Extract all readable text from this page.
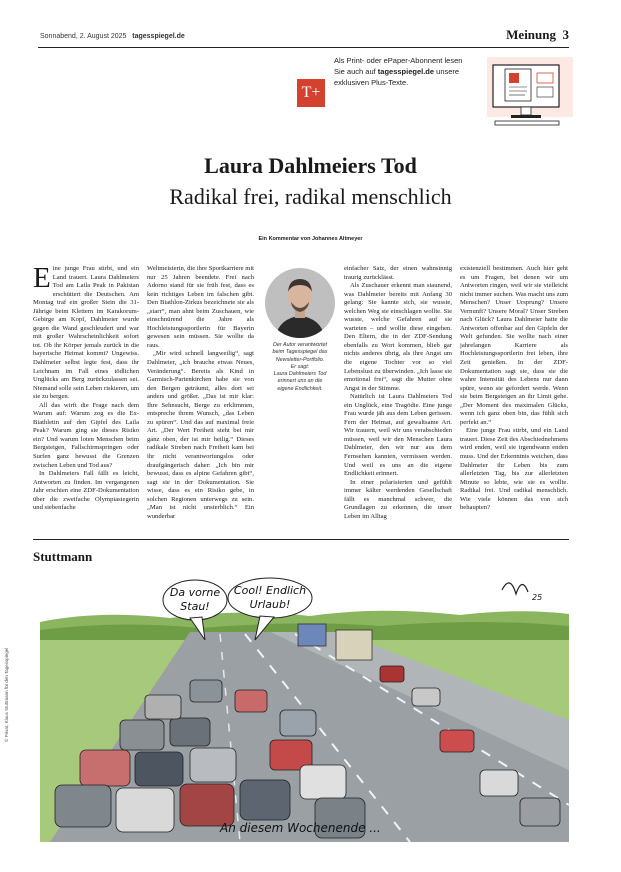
Sonnabend, 2. August 2025 tagesspiegel.de	Meinung 3
T+
Als Print- oder ePaper-Abonnent lesen
Sie auch auf tagesspiegel.de unsere
exklusiven Plus-Texte.
Laura Dahlmeiers Tod
Radikal frei, radikal menschlich
Ein Kommentar von Johannes Altmeyer

Eine junge Frau stirbt, und ein Land trauert. Laura Dahlmeiers Tod am Laila Peak in Pakistan erschüttert die Deutschen. Am Montag traf ein großer Stein die 31-Jährige beim Klettern im Karakorum-Gebirge am Kopf, Dahlmeier wurde gegen die Wand geschleudert und war mit großer Wahrscheinlichkeit sofort tot. Ob ihr Körper jemals zurück in die bayerische Heimat kommt? Ungewiss. Dahlmeier selbst legte fest, dass ihr Leichnam im Fall eines tödlichen Unglücks am Berg zurückzulassen sei. Niemand solle sein Leben riskieren, um sie zu bergen.

All das wirft die Frage nach dem Warum auf: Warum zog es die Ex-Biathletin auf den Gipfel des Laila Peak? Warum ging sie dieses Risiko ein? Und warum loten Menschen beim Bergsteigen, Fallschirmspringen oder Surfen ganz bewusst die Grenzen zwischen Leben und Tod aus?

In Dahlmeiers Fall fällt es leicht, Antworten zu finden. Im vergangenen Jahr erschien eine ZDF-Dokumentation über die zweifache Olympiasiegerin und siebenfache

Weltmeisterin, die ihre Sportkarriere mit nur 25 Jahren beendete. Frei nach Adorno stand für sie früh fest, dass es kein richtiges Leben im falschen gibt. Den Biathlon-Zirkus bezeichnete sie als „starr“, man ahnt beim Zuschauen, wie einschnürend die Jahre als Hochleistungssportlerin für Bayerin gewesen sein müssen. Sie wollte da raus.

„Mir wird schnell langweilig“, sagt Dahlmeier, „ich brauche etwas Neues, Veränderung“. Bereits als Kind in Garmisch-Partenkirchen habe sie von den Bergen geträumt, alles dort sei anders und größer. „Das ist mir klar: Ihre Sehnsucht, Berge zu erklimmen, entspreche ihrem Wunsch, „das Leben zu spüren“. Und das auf maximal freie Art. „Der Wert Freiheit steht bei mir ganz oben, der ist mir heilig.“ Dieses radikale Streben nach Freiheit kam bei ihr nicht verantwortungslos oder draufgängerisch daher: „Ich bin mir bewusst, dass es alpine Gefahren gibt“, sagt sie in der Dokumentation. Sie wisse, dass es ein Risiko gebe, in solchen Regionen unterwegs zu sein. „Man ist nicht unsterblich.“ Ein wunderbar

Der Autor verantwortet
beim Tagesspiegel das
Newsletter-Portfolio.
Er sagt:
Laura Dahlmeiers Tod
erinnert uns an die
eigene Endlichkeit.

einfacher Satz, der einen wahnsinnig traurig zurücklässt.

Als Zuschauer erkennt man staunend, was Dahlmeier bereits mit Anfang 30 gelang: Sie kannte sich, sie wusste, welchen Weg sie einschlagen wollte. Sie wusste, welche Gefahren auf sie warteten – und wollte diese eingehen. Den Eltern, die in der ZDF-Sendung ebenfalls zu Wort kommen, blieb gar nichts anderes übrig, als ihre Angst um die eigene Tochter vor so viel Lebenslust zu überwinden. „Ich lasse sie emotional frei“, sagt die Mutter ohne Angst in der Stimme.

Natürlich ist Laura Dahlmeiers Tod ein Unglück, eine Tragödie. Eine junge Frau wurde jäh aus dem Leben gerissen. Fern der Heimat, auf gewaltsame Art. Wir trauern, weil wir uns verabschieden müssen, weil wir den Menschen Laura Dahlmeier, den wir nur aus dem Fernsehen kannten, vermissen werden. Und weil es uns an die eigene Endlichkeit erinnert.

In einer polarisierten und gefühlt immer kälter werdenden Gesellschaft fällt es manchmal schwer, die Grundlagen zu erkennen, die unser Leben im Alltag

existenziell bestimmen. Auch hier geht es um Fragen, bei denen wir um Antworten ringen, weil wir sie vielleicht nicht immer suchen. Was macht uns zum Menschen? Unser Ursprung? Unsere Vernunft? Unsere Moral? Unser Streben nach Glück? Laura Dahlmeier hatte die Antworten offenbar auf den Gipfeln der Welt gefunden. Sie wollte nach einer jahrelangen Karriere als Hochleistungssportlerin frei leben, ihre Zeit genießen. In der ZDF-Dokumentation sagt sie, dass sie die wahre Intensität des Lebens nur dann spüre, wenn sie gefordert werde. Wenn sie beim Bergsteigen an ihr Limit gehe. „Der Moment des maximalen Glücks, wenn ich ganz oben bin, das fühlt sich perfekt an.“

Eine junge Frau stirbt, und ein Land trauert. Diese Zeit des Abschiednehmens wird enden, weil sie irgendwann enden muss. Und der Erkenntnis weichen, dass Dahlmeier ihr Leben bis zum allerletzten Tag, bis zur allerletzten Minute so lebte, wie sie es wollte. Radikal frei. Und radikal menschlich. Wie viele können das von sich behaupten?

Stuttmann
Da vorne
Stau!
Cool! Endlich
Urlaub!
25
An diesem Wochenende ...
© Privat, Klaus Stuttmann für den Tagesspiegel
